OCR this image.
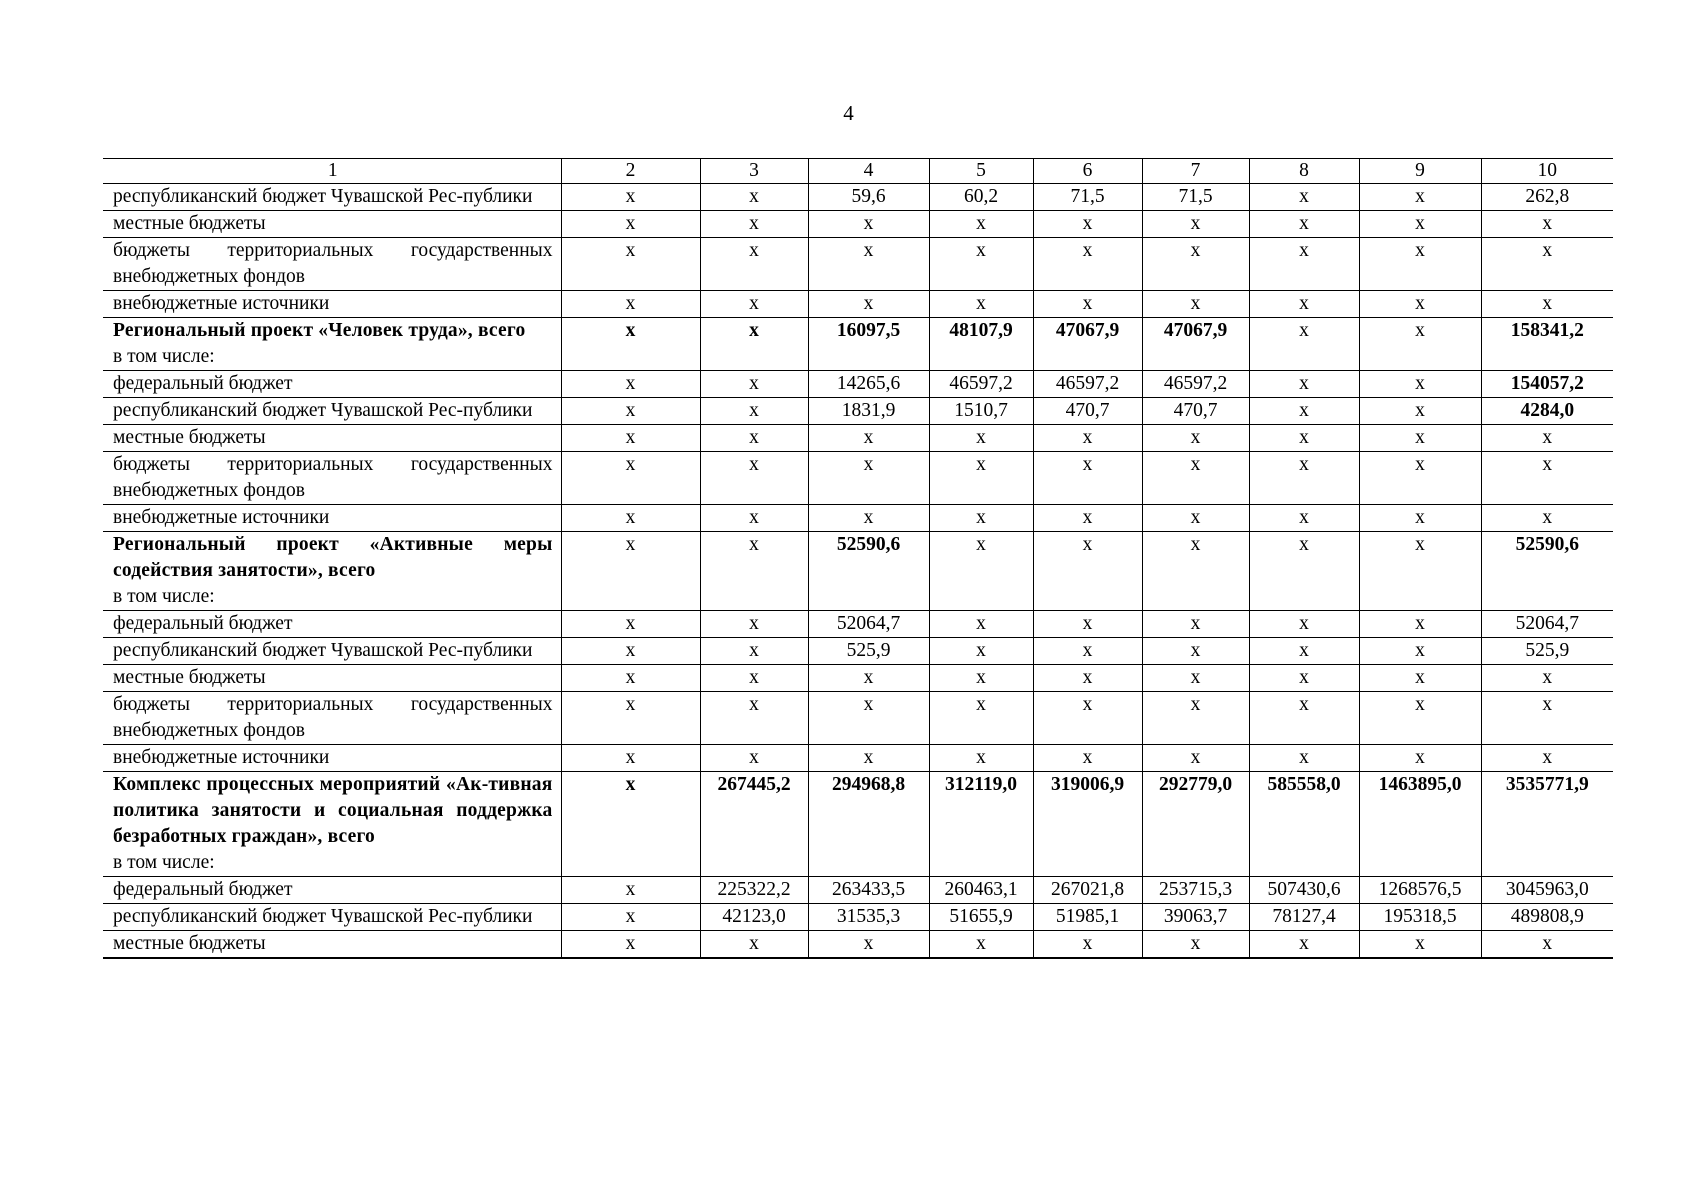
4
1	2	3	4	5	6	7	8	9	10

республиканский бюджет Чувашской Рес-публики	х	х	59,6	60,2	71,5	71,5	х	х	262,8

местные бюджеты	х	х	х	х	х	х	х	х	х

бюджеты территориальных государственных внебюджетных фондов	х	х	х	х	х	х	х	х	х

внебюджетные источники	х	х	х	х	х	х	х	х	х

Региональный проект «Человек труда», всего
в том числе:	х	х	16097,5	48107,9	47067,9	47067,9	х	х	158341,2

федеральный бюджет	х	х	14265,6	46597,2	46597,2	46597,2	х	х	154057,2

республиканский бюджет Чувашской Рес-публики	х	х	1831,9	1510,7	470,7	470,7	х	х	4284,0

местные бюджеты	х	х	х	х	х	х	х	х	х

бюджеты территориальных государственных внебюджетных фондов	х	х	х	х	х	х	х	х	х

внебюджетные источники	х	х	х	х	х	х	х	х	х

Региональный проект «Активные меры содействия занятости», всего
в том числе:	х	х	52590,6	х	х	х	х	х	52590,6

федеральный бюджет	х	х	52064,7	х	х	х	х	х	52064,7

республиканский бюджет Чувашской Рес-публики	х	х	525,9	х	х	х	х	х	525,9

местные бюджеты	х	х	х	х	х	х	х	х	х

бюджеты территориальных государственных внебюджетных фондов	х	х	х	х	х	х	х	х	х

внебюджетные источники	х	х	х	х	х	х	х	х	х

Комплекс процессных мероприятий «Ак-тивная политика занятости и социальная поддержка безработных граждан», всего
в том числе:	х	267445,2	294968,8	312119,0	319006,9	292779,0	585558,0	1463895,0	3535771,9

федеральный бюджет	х	225322,2	263433,5	260463,1	267021,8	253715,3	507430,6	1268576,5	3045963,0

республиканский бюджет Чувашской Рес-публики	х	42123,0	31535,3	51655,9	51985,1	39063,7	78127,4	195318,5	489808,9

местные бюджеты	х	х	х	х	х	х	х	х	х
